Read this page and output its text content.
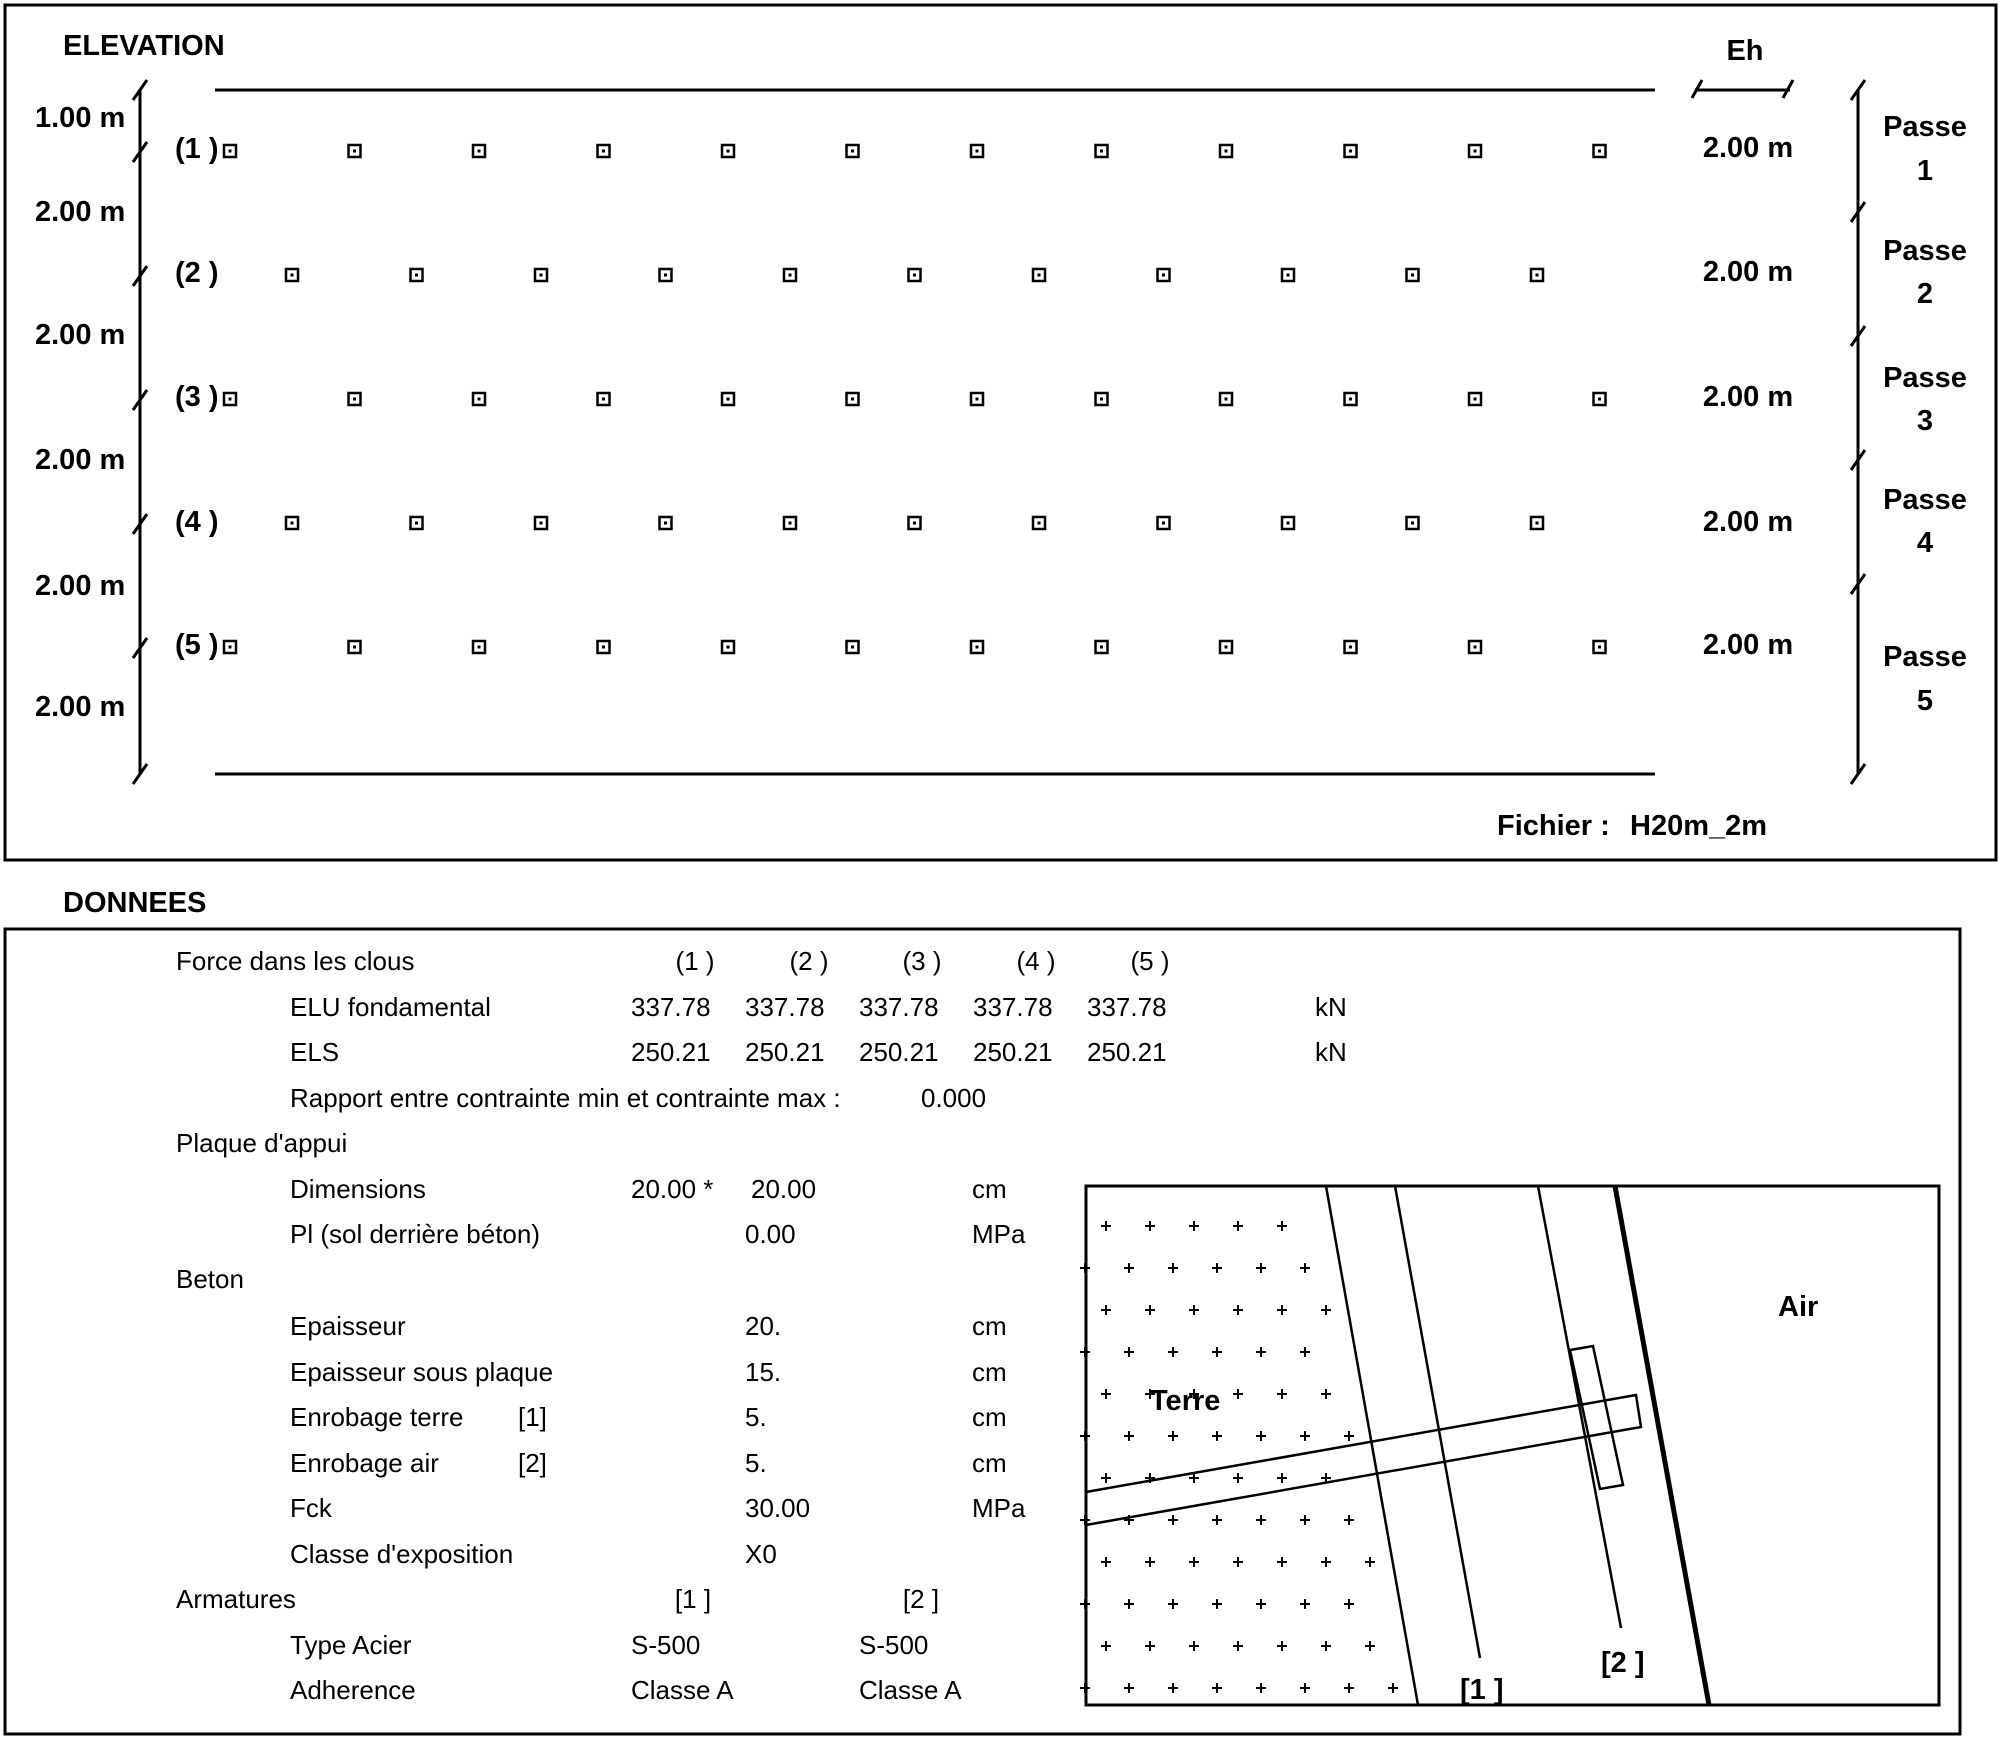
ELEVATION	Eh
1.00 m
2.00 m
2.00 m
2.00 m
2.00 m
2.00 m
(1 )
(2 )
(3 )
(4 )
(5 )
2.00 m
2.00 m
2.00 m
2.00 m
2.00 m
Passe
1
Passe
2
Passe
3
Passe
4
Passe
5
Fichier : H20m_2m
DONNEES
Force dans les clous	(1 )	(2 )	(3 )	(4 )	(5 )
ELU fondamental	337.78 337.78 337.78 337.78 337.78	kN
ELS	250.21 250.21 250.21 250.21 250.21	kN
Rapport entre contrainte min et contrainte max :	0.000
Plaque d'appui
Dimensions	20.00 * 20.00	cm
Pl (sol derrière béton)	0.00	MPa
Beton
Epaisseur	20.	cm
Epaisseur sous plaque	15.	cm
Enrobage terre [1]	5.	cm
Enrobage air	[2]	5.	cm
Fck	30.00	MPa
Classe d'exposition	X0
Armatures	[1 ]	[2 ]
Type Acier	S-500	S-500
Adherence	Classe A	Classe A
Terre
Air
[1 ]
[2 ]
